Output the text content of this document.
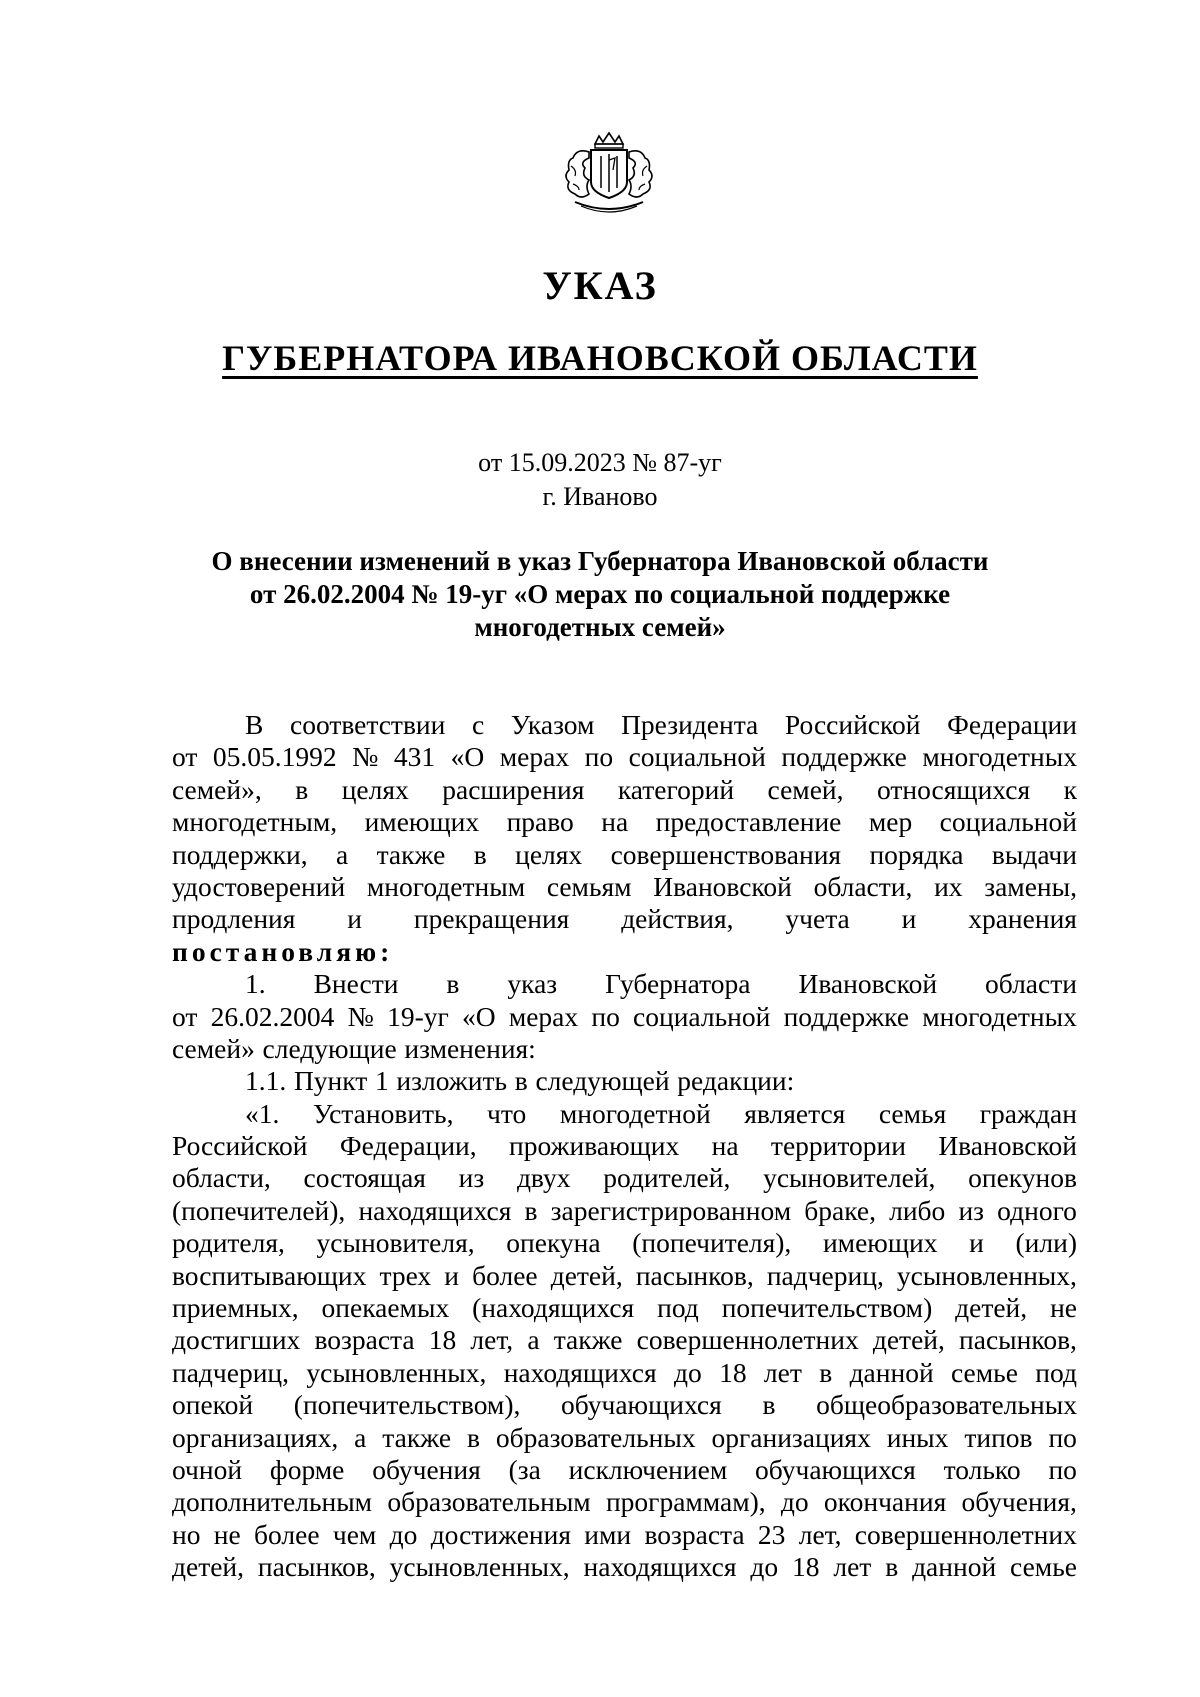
УКАЗ
ГУБЕРНАТОРА ИВАНОВСКОЙ ОБЛАСТИ
от 15.09.2023 № 87-уг
г. Иваново
О внесении изменений в указ Губернатора Ивановской области
от 26.02.2004 № 19-уг «О мерах по социальной поддержке
многодетных семей»
В соответствии с Указом Президента Российской Федерации
от 05.05.1992 № 431 «О мерах по социальной поддержке многодетных
семей», в целях расширения категорий семей, относящихся к
многодетным, имеющих право на предоставление мер социальной
поддержки, а также в целях совершенствования порядка выдачи
удостоверений многодетным семьям Ивановской области, их замены,
продления и прекращения действия, учета и хранения
постановляю:
1. Внести в указ Губернатора Ивановской области
от 26.02.2004 № 19-уг «О мерах по социальной поддержке многодетных
семей» следующие изменения:
1.1. Пункт 1 изложить в следующей редакции:
«1. Установить, что многодетной является семья граждан
Российской Федерации, проживающих на территории Ивановской
области, состоящая из двух родителей, усыновителей, опекунов
(попечителей), находящихся в зарегистрированном браке, либо из одного
родителя, усыновителя, опекуна (попечителя), имеющих и (или)
воспитывающих трех и более детей, пасынков, падчериц, усыновленных,
приемных, опекаемых (находящихся под попечительством) детей, не
достигших возраста 18 лет, а также совершеннолетних детей, пасынков,
падчериц, усыновленных, находящихся до 18 лет в данной семье под
опекой (попечительством), обучающихся в общеобразовательных
организациях, а также в образовательных организациях иных типов по
очной форме обучения (за исключением обучающихся только по
дополнительным образовательным программам), до окончания обучения,
но не более чем до достижения ими возраста 23 лет, совершеннолетних
детей, пасынков, усыновленных, находящихся до 18 лет в данной семье
